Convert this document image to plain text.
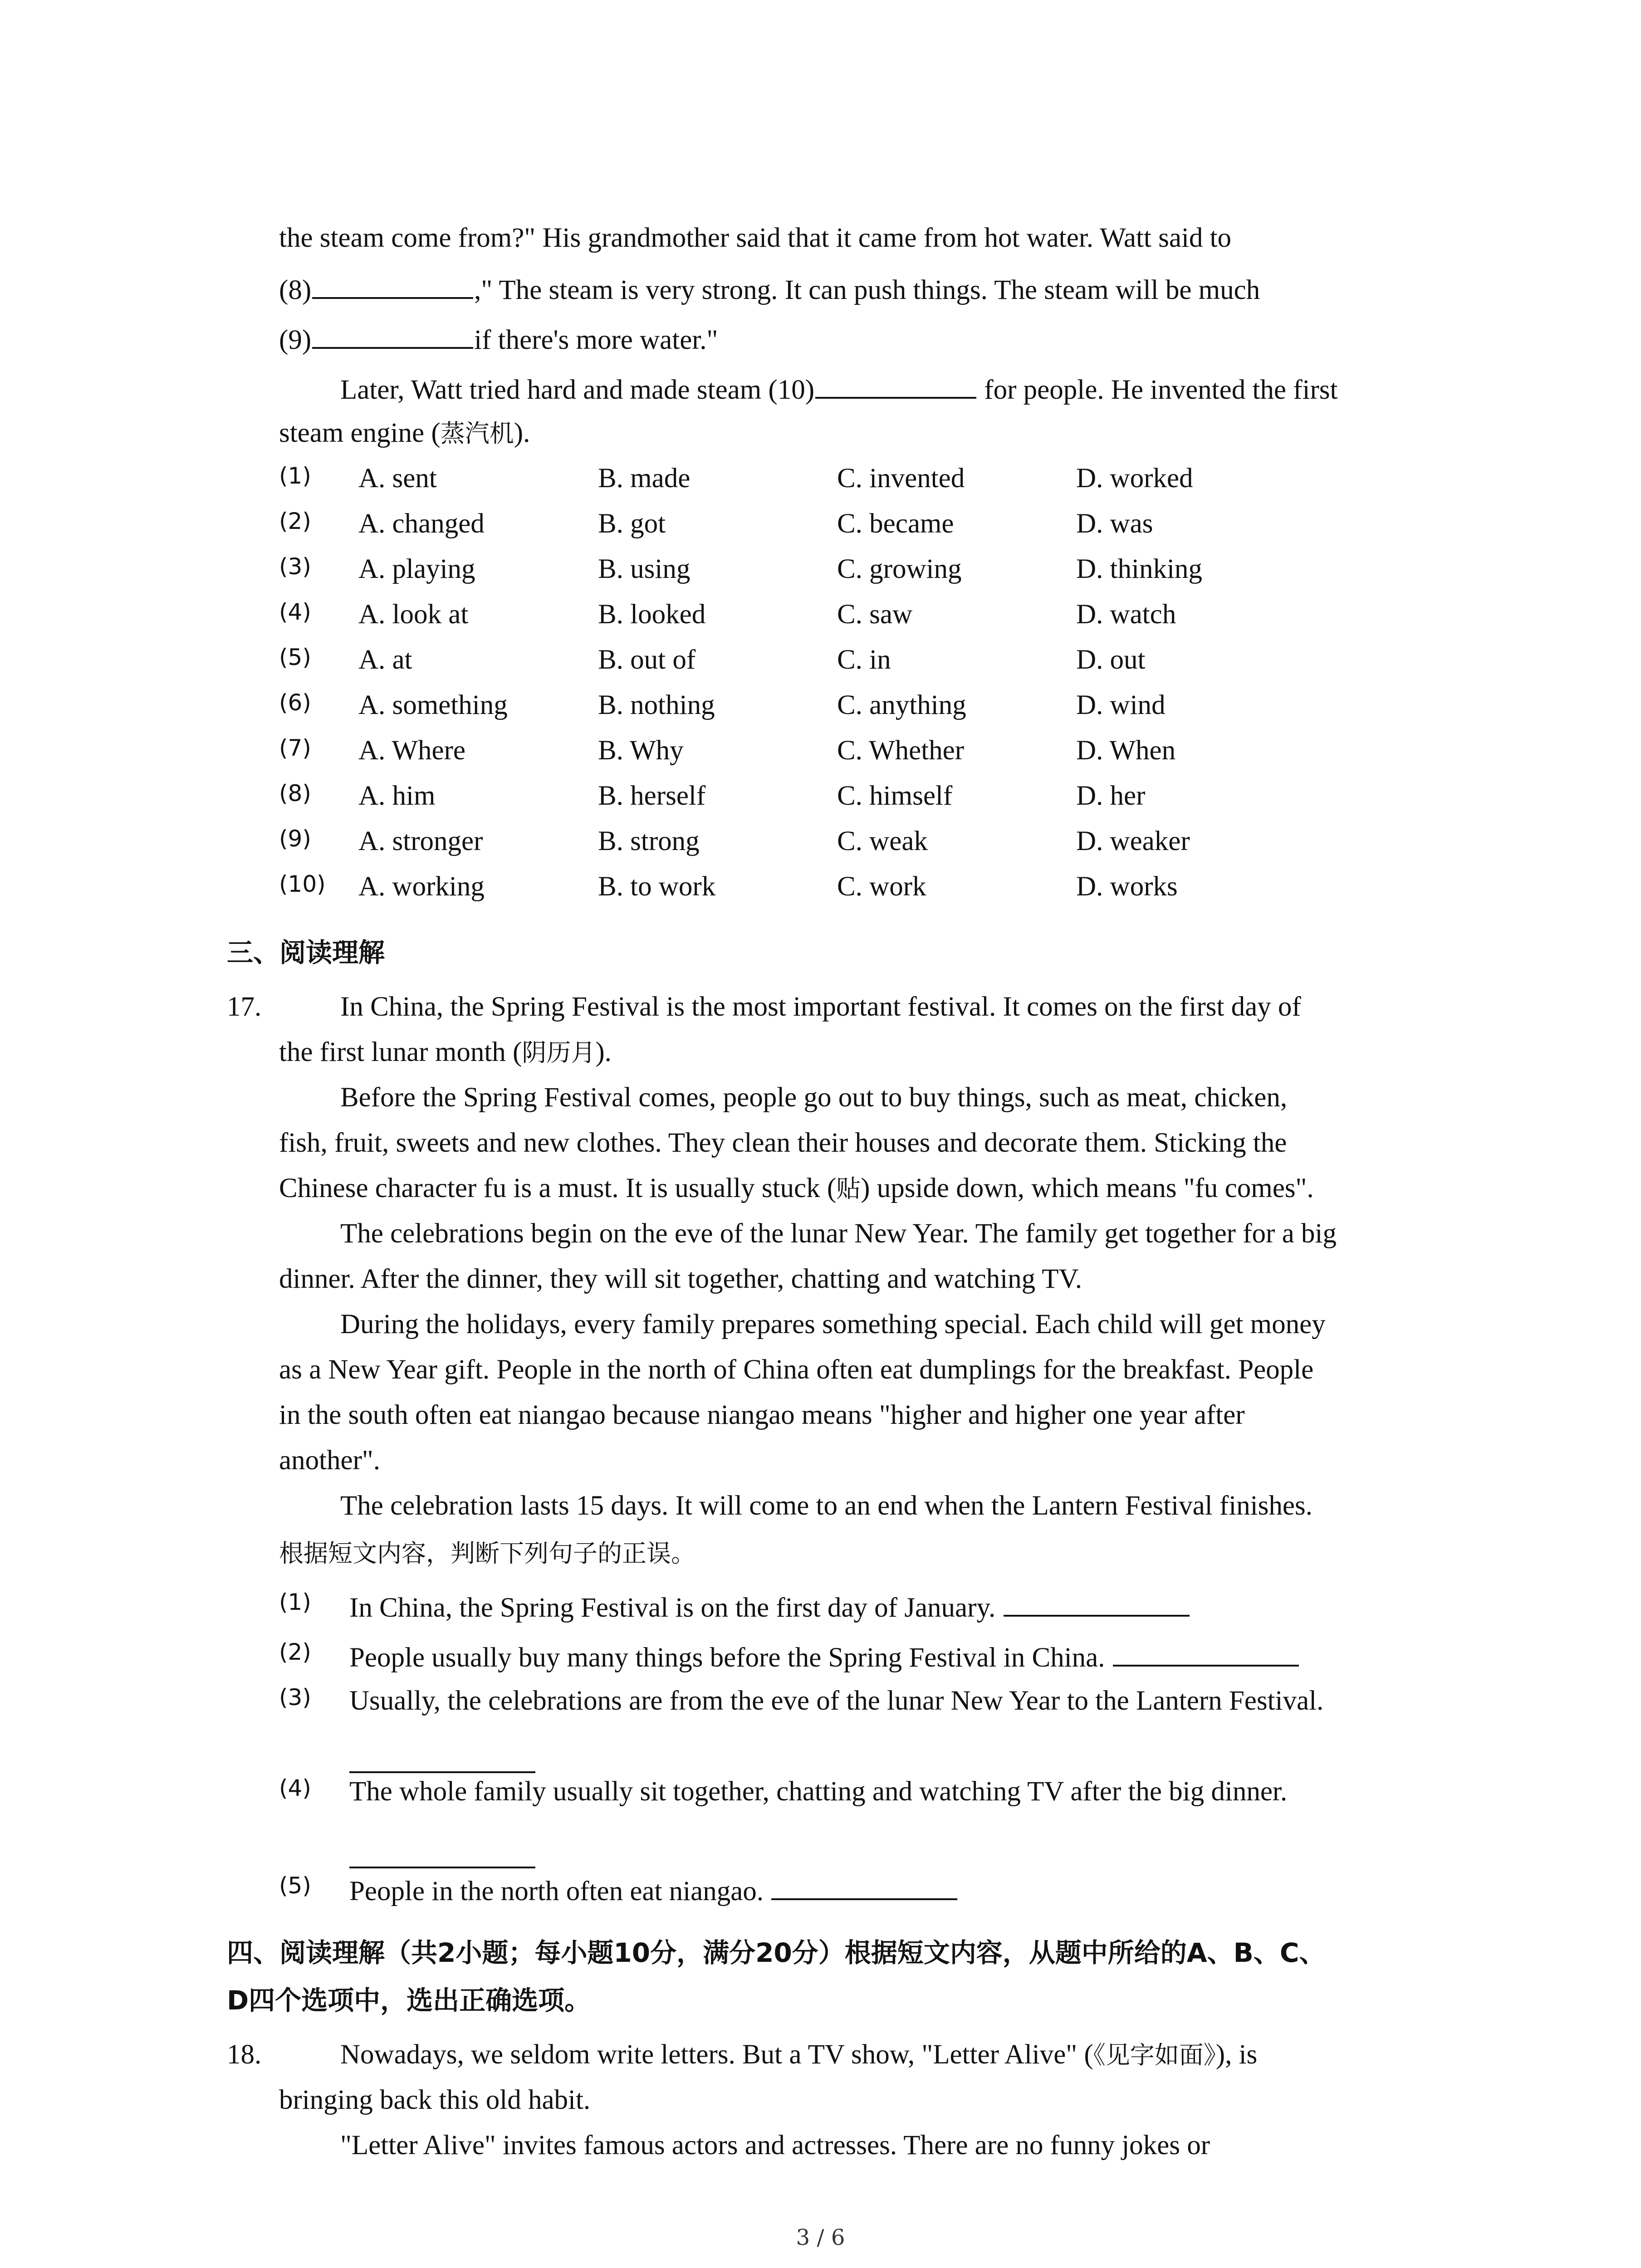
the steam come from?" His grandmother said that it came from hot water. Watt said to
(8)	," The steam is very strong. It can push things. The steam will be much
(9)	if there's more water."
Later, Watt tried hard and made steam (10)	for people. He invented the first
steam engine (蒸汽机).
(1) A. sent	B. made	C. invented	D. worked
(2) A. changed	B. got	C. became	D. was
(3) A. playing	B. using	C. growing	D. thinking
(4) A. look at	B. looked	C. saw	D. watch
(5) A. at	B. out of	C. in	D. out
(6) A. something	B. nothing	C. anything	D. wind
(7) A. Where	B. Why	C. Whether	D. When
(8) A. him	B. herself	C. himself	D. her
(9) A. stronger	B. strong	C. weak	D. weaker
(10) A. working	B. to work	C. work	D. works
三、阅读理解
17.	In China, the Spring Festival is the most important festival. It comes on the first day of
the first lunar month (阴历月).
Before the Spring Festival comes, people go out to buy things, such as meat, chicken,
fish, fruit, sweets and new clothes. They clean their houses and decorate them. Sticking the
Chinese character fu is a must. It is usually stuck (贴) upside down, which means "fu comes".
The celebrations begin on the eve of the lunar New Year. The family get together for a big
dinner. After the dinner, they will sit together, chatting and watching TV.
During the holidays, every family prepares something special. Each child will get money
as a New Year gift. People in the north of China often eat dumplings for the breakfast. People
in the south often eat niangao because niangao means "higher and higher one year after
another".
The celebration lasts 15 days. It will come to an end when the Lantern Festival finishes.
根据短文内容，判断下列句子的正误。
(1) In China, the Spring Festival is on the first day of January.
(2) People usually buy many things before the Spring Festival in China.
(3) Usually, the celebrations are from the eve of the lunar New Year to the Lantern Festival.
(4) The whole family usually sit together, chatting and watching TV after the big dinner.
(5) People in the north often eat niangao.
四、阅读理解（共2小题；每小题10分，满分20分）根据短文内容，从题中所给的A、B、C、
D四个选项中，选出正确选项。
18.	Nowadays, we seldom write letters. But a TV show, "Letter Alive" (《见字如面》), is
bringing back this old habit.
"Letter Alive" invites famous actors and actresses. There are no funny jokes or
3 / 6
